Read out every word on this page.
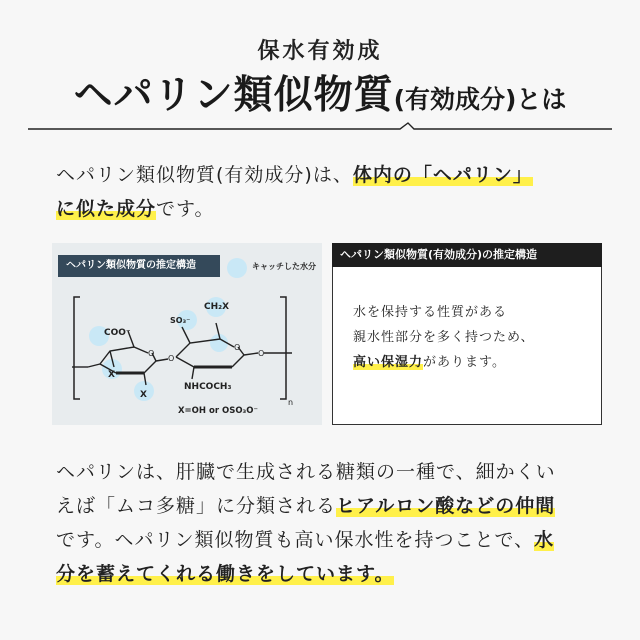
保水有効成
ヘパリン類似物質(有効成分)とは
ヘパリン類似物質(有効成分)は、体内の「ヘパリン」
に似た成分です。
ヘパリン類似物質の推定構造	キャッチした水分
O
O
O
O
CH₂X
SO₃⁻
COO⁻
X
X
NHCOCH₃
X=OH or OSO₃O⁻
n
ヘパリン類似物質(有効成分)の推定構造
水を保持する性質がある
親水性部分を多く持つため、
高い保湿力があります。
ヘパリンは、肝臓で生成される糖類の一種で、細かくい
えば「ムコ多糖」に分類されるヒアルロン酸などの仲間
です。ヘパリン類似物質も高い保水性を持つことで、水
分を蓄えてくれる働きをしています。
